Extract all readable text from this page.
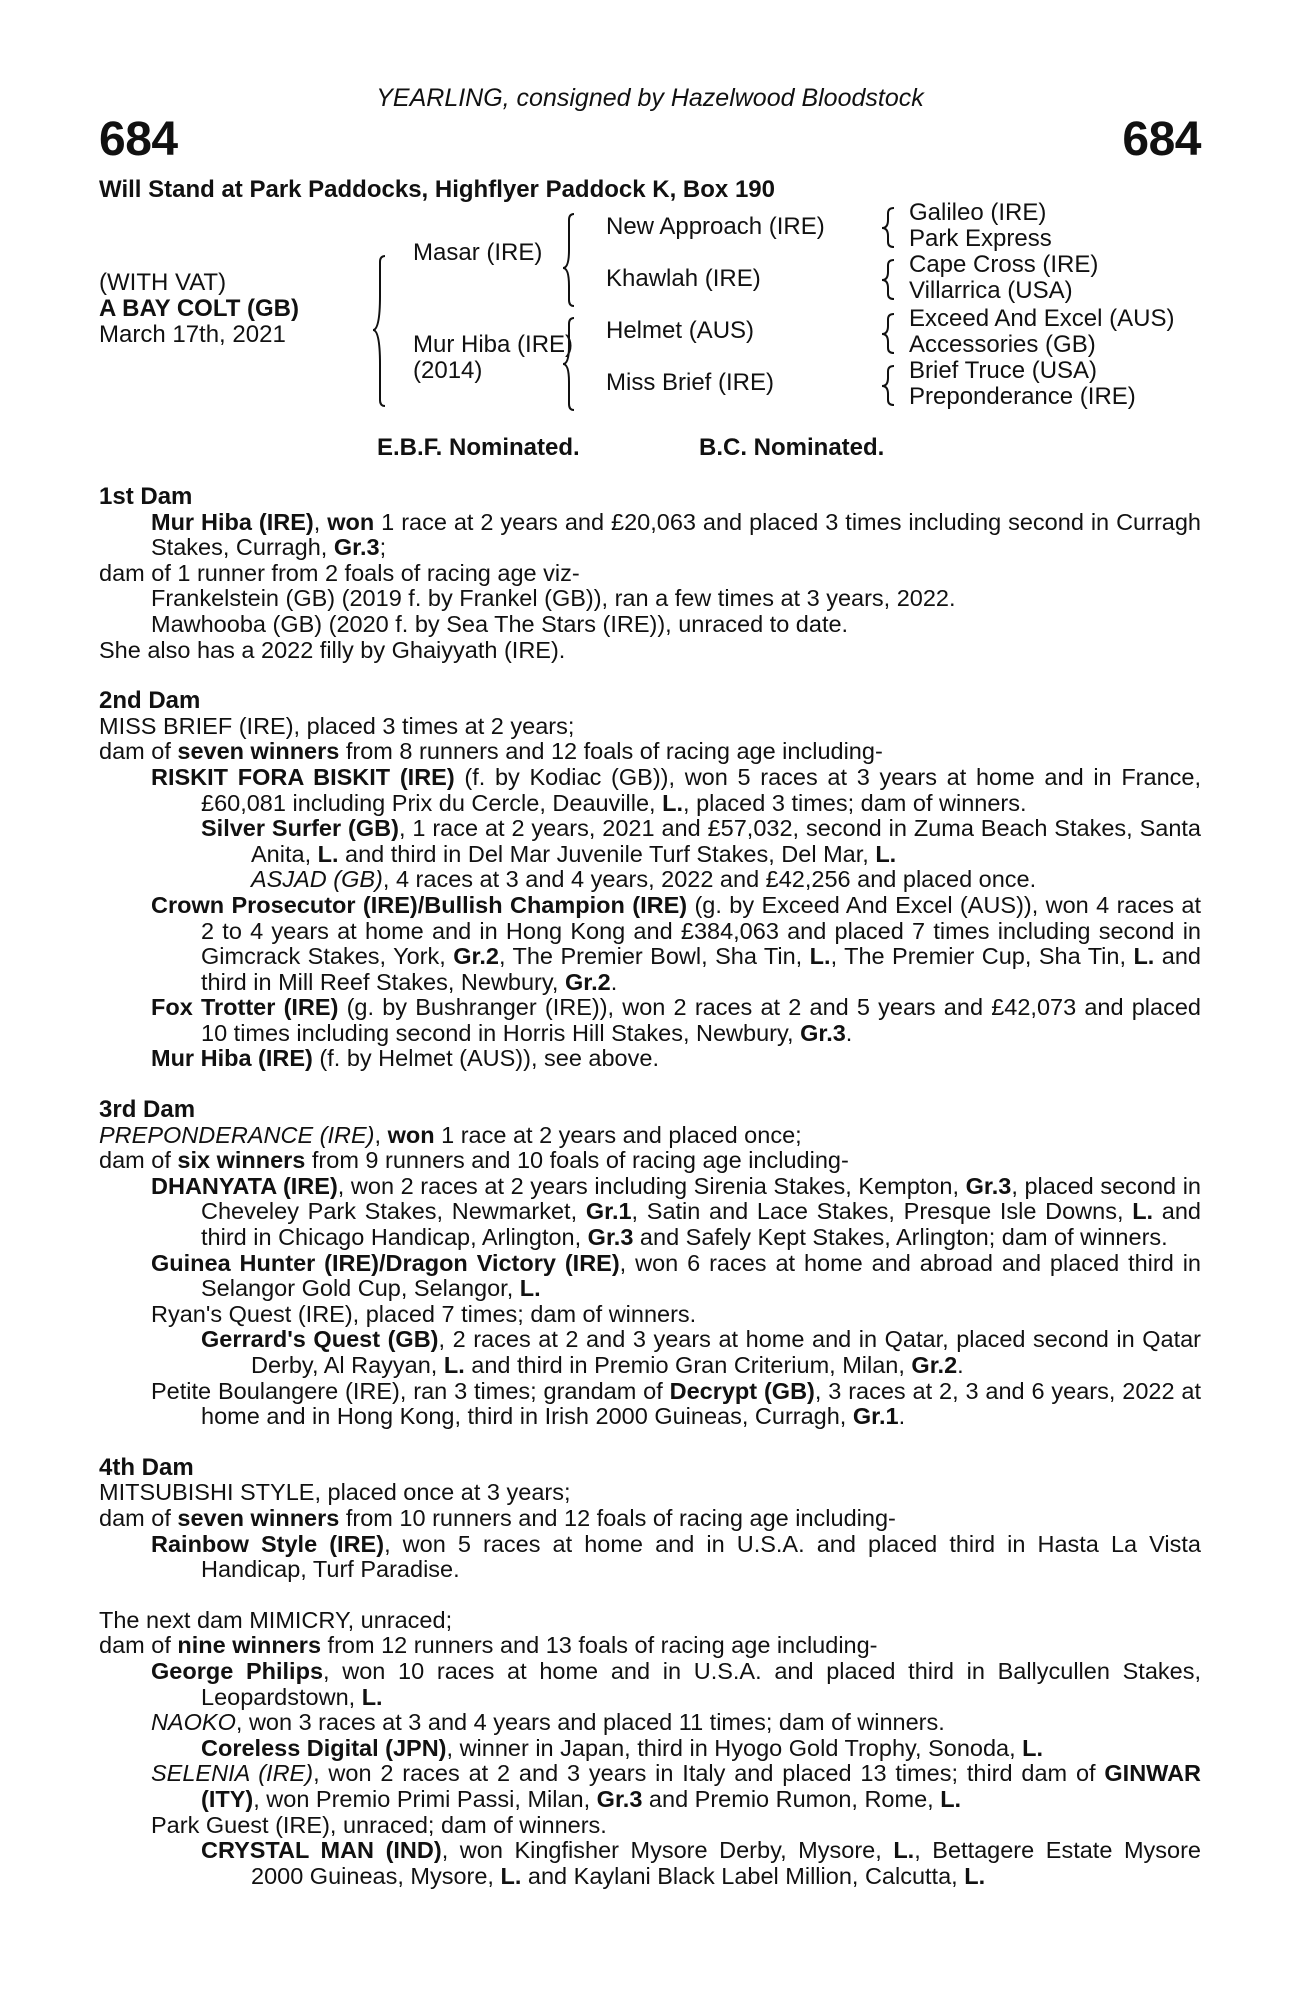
YEARLING, consigned by Hazelwood Bloodstock
684	684
Will Stand at Park Paddocks, Highflyer Paddock K, Box 190
(WITH VAT)
A BAY COLT (GB)
March 17th, 2021
Masar (IRE)
Mur Hiba (IRE)
(2014)
New Approach (IRE)
Khawlah (IRE)
Helmet (AUS)
Miss Brief (IRE)
Galileo (IRE)
Park Express
Cape Cross (IRE)
Villarrica (USA)
Exceed And Excel (AUS)
Accessories (GB)
Brief Truce (USA)
Preponderance (IRE)
E.B.F. Nominated.	B.C. Nominated.
1st Dam
Mur Hiba (IRE), won 1 race at 2 years and £20,063 and placed 3 times including second in Curragh Stakes, Curragh, Gr.3;
dam of 1 runner from 2 foals of racing age viz-
Frankelstein (GB) (2019 f. by Frankel (GB)), ran a few times at 3 years, 2022.
Mawhooba (GB) (2020 f. by Sea The Stars (IRE)), unraced to date.
She also has a 2022 filly by Ghaiyyath (IRE).
2nd Dam
MISS BRIEF (IRE), placed 3 times at 2 years;
dam of seven winners from 8 runners and 12 foals of racing age including-
RISKIT FORA BISKIT (IRE) (f. by Kodiac (GB)), won 5 races at 3 years at home and in France, £60,081 including Prix du Cercle, Deauville, L., placed 3 times; dam of winners.
Silver Surfer (GB), 1 race at 2 years, 2021 and £57,032, second in Zuma Beach Stakes, Santa Anita, L. and third in Del Mar Juvenile Turf Stakes, Del Mar, L.
ASJAD (GB), 4 races at 3 and 4 years, 2022 and £42,256 and placed once.
Crown Prosecutor (IRE)/Bullish Champion (IRE) (g. by Exceed And Excel (AUS)), won 4 races at 2 to 4 years at home and in Hong Kong and £384,063 and placed 7 times including second in Gimcrack Stakes, York, Gr.2, The Premier Bowl, Sha Tin, L., The Premier Cup, Sha Tin, L. and third in Mill Reef Stakes, Newbury, Gr.2.
Fox Trotter (IRE) (g. by Bushranger (IRE)), won 2 races at 2 and 5 years and £42,073 and placed 10 times including second in Horris Hill Stakes, Newbury, Gr.3.
Mur Hiba (IRE) (f. by Helmet (AUS)), see above.
3rd Dam
PREPONDERANCE (IRE), won 1 race at 2 years and placed once;
dam of six winners from 9 runners and 10 foals of racing age including-
DHANYATA (IRE), won 2 races at 2 years including Sirenia Stakes, Kempton, Gr.3, placed second in Cheveley Park Stakes, Newmarket, Gr.1, Satin and Lace Stakes, Presque Isle Downs, L. and third in Chicago Handicap, Arlington, Gr.3 and Safely Kept Stakes, Arlington; dam of winners.
Guinea Hunter (IRE)/Dragon Victory (IRE), won 6 races at home and abroad and placed third in Selangor Gold Cup, Selangor, L.
Ryan's Quest (IRE), placed 7 times; dam of winners.
Gerrard's Quest (GB), 2 races at 2 and 3 years at home and in Qatar, placed second in Qatar Derby, Al Rayyan, L. and third in Premio Gran Criterium, Milan, Gr.2.
Petite Boulangere (IRE), ran 3 times; grandam of Decrypt (GB), 3 races at 2, 3 and 6 years, 2022 at home and in Hong Kong, third in Irish 2000 Guineas, Curragh, Gr.1.
4th Dam
MITSUBISHI STYLE, placed once at 3 years;
dam of seven winners from 10 runners and 12 foals of racing age including-
Rainbow Style (IRE), won 5 races at home and in U.S.A. and placed third in Hasta La Vista Handicap, Turf Paradise.
The next dam MIMICRY, unraced;
dam of nine winners from 12 runners and 13 foals of racing age including-
George Philips, won 10 races at home and in U.S.A. and placed third in Ballycullen Stakes, Leopardstown, L.
NAOKO, won 3 races at 3 and 4 years and placed 11 times; dam of winners.
Coreless Digital (JPN), winner in Japan, third in Hyogo Gold Trophy, Sonoda, L.
SELENIA (IRE), won 2 races at 2 and 3 years in Italy and placed 13 times; third dam of GINWAR (ITY), won Premio Primi Passi, Milan, Gr.3 and Premio Rumon, Rome, L.
Park Guest (IRE), unraced; dam of winners.
CRYSTAL MAN (IND), won Kingfisher Mysore Derby, Mysore, L., Bettagere Estate Mysore 2000 Guineas, Mysore, L. and Kaylani Black Label Million, Calcutta, L.
